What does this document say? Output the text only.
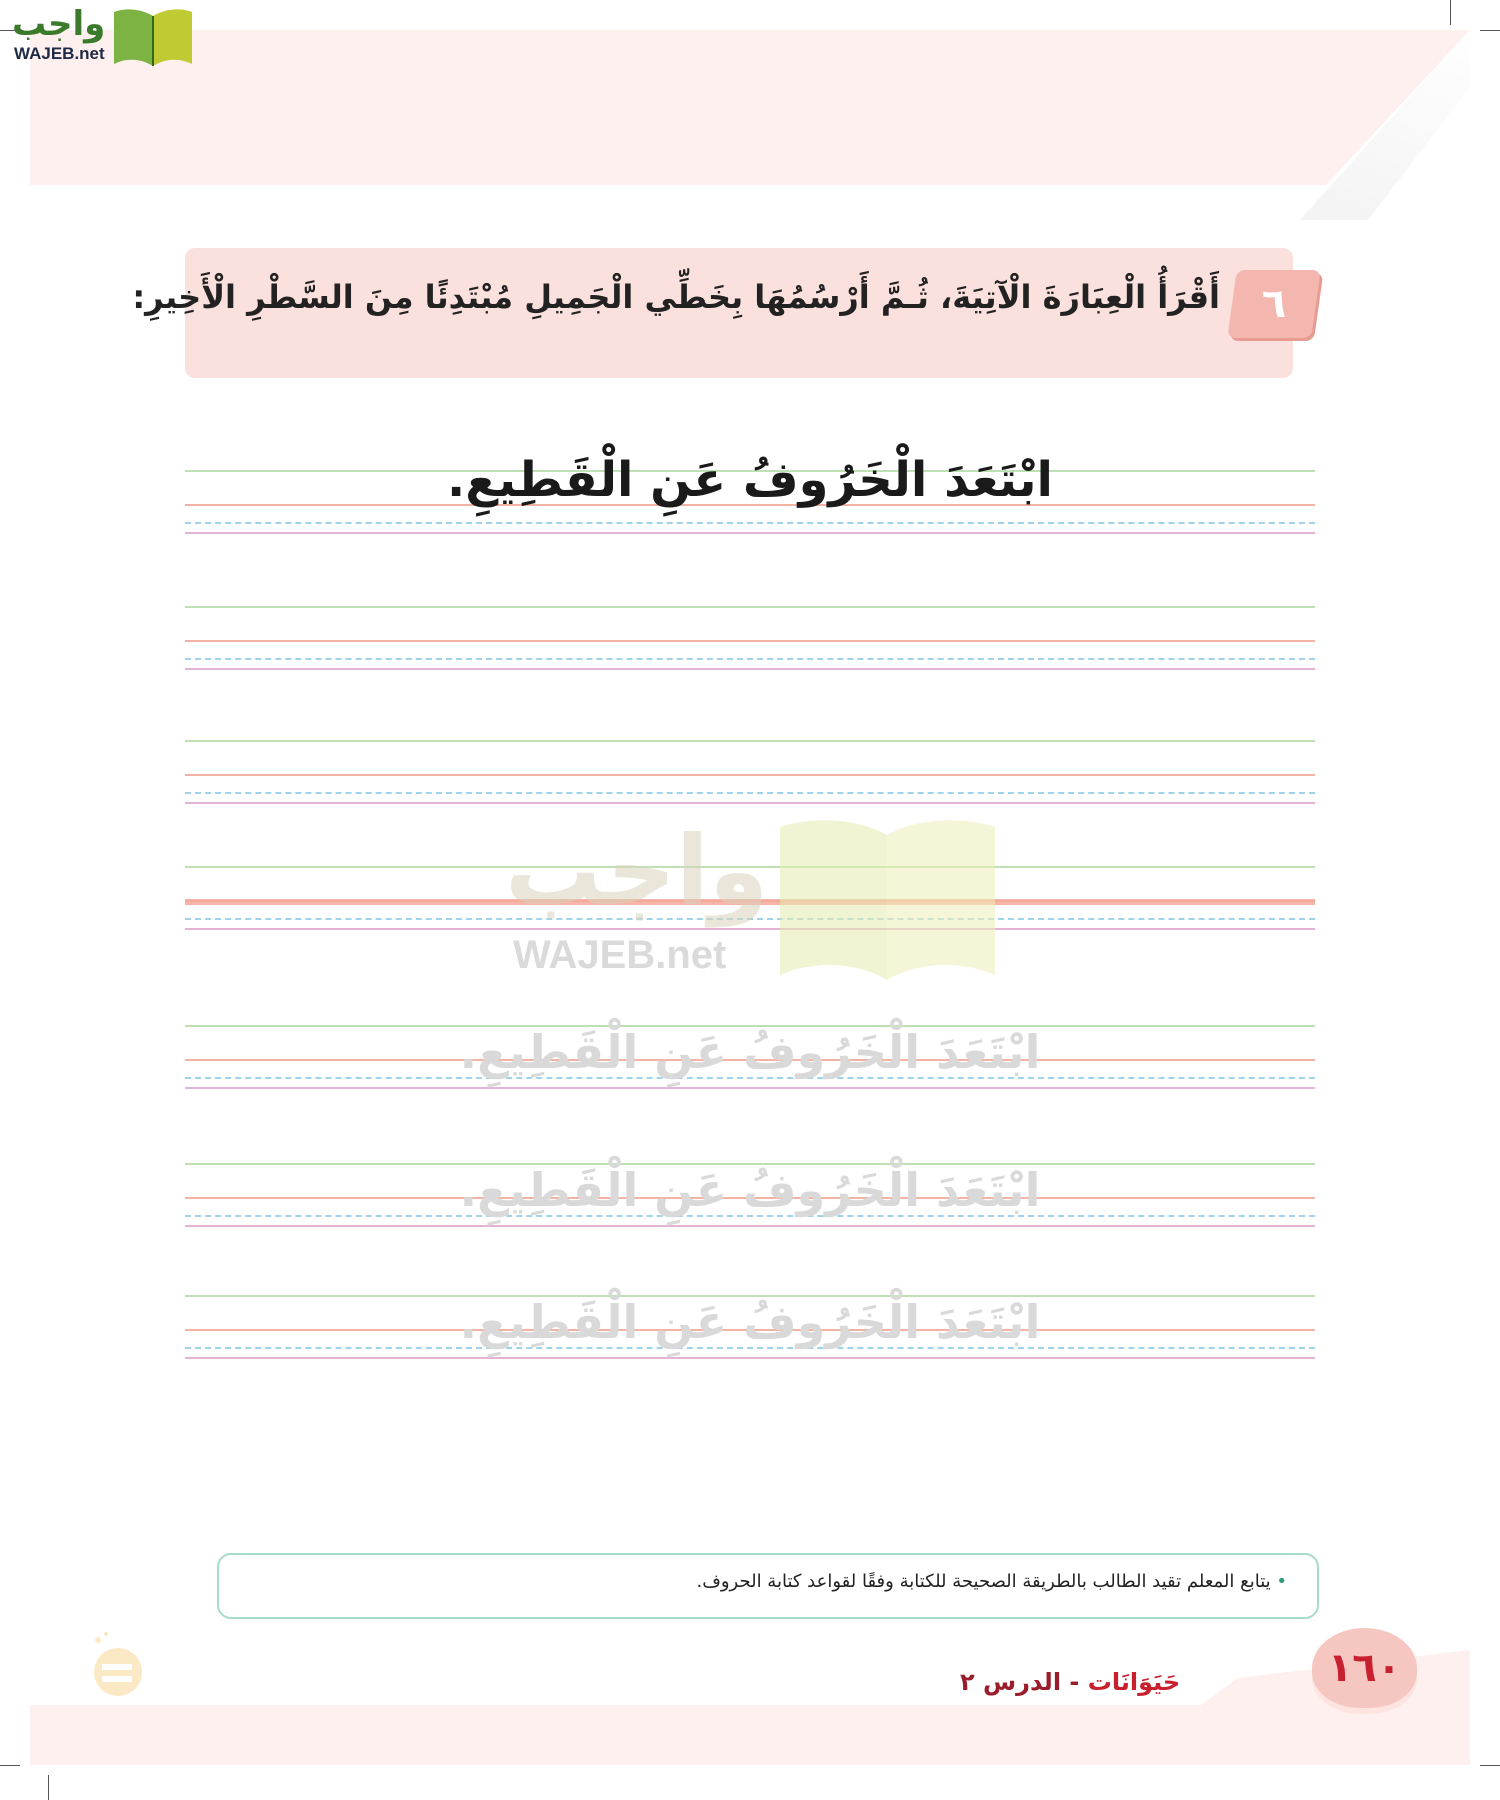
واجب
WAJEB.net
٦
أَقْرَأُ الْعِبَارَةَ الْآتِيَةَ، ثُـمَّ أَرْسُمُهَا بِخَطِّي الْجَمِيلِ مُبْتَدِئًا مِنَ السَّطْرِ الْأَخِيرِ:
ابْتَعَدَ الْخَرُوفُ عَنِ الْقَطِيعِ.
واجب
WAJEB.net
ابْتَعَدَ الْخَرُوفُ عَنِ الْقَطِيعِ.
ابْتَعَدَ الْخَرُوفُ عَنِ الْقَطِيعِ.
ابْتَعَدَ الْخَرُوفُ عَنِ الْقَطِيعِ.
• يتابع المعلم تقيد الطالب بالطريقة الصحيحة للكتابة وفقًا لقواعد كتابة الحروف.
١٦٠
حَيَوَانَات - الدرس ٢
